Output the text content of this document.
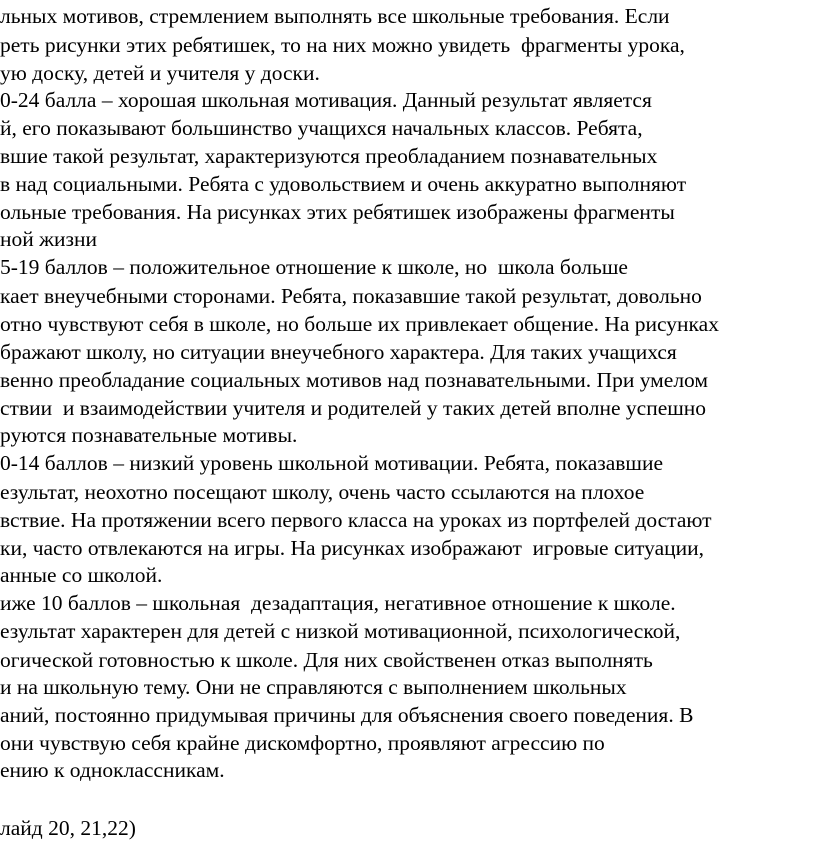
льных мотивов, стремлением выполнять все школьные требования. Если
реть рисунки этих ребятишек, то на них можно увидеть  фрагменты урока,
ую доску, детей и учителя у доски.
0-24 балла – хорошая школьная мотивация. Данный результат является
й, его показывают большинство учащихся начальных классов. Ребята,
вшие такой результат, характеризуются преобладанием познавательных
в над социальными. Ребята с удовольствием и очень аккуратно выполняют
ольные требования. На рисунках этих ребятишек изображены фрагменты
ной жизни
5-19 баллов – положительное отношение к школе, но  школа больше
кает внеучебными сторонами. Ребята, показавшие такой результат, довольно
отно чувствуют себя в школе, но больше их привлекает общение. На рисунках
бражают школу, но ситуации внеучебного характера. Для таких учащихся
венно преобладание социальных мотивов над познавательными. При умелом
ствии  и взаимодействии учителя и родителей у таких детей вполне успешно
руются познавательные мотивы.
0-14 баллов – низкий уровень школьной мотивации. Ребята, показавшие
езультат, неохотно посещают школу, очень часто ссылаются на плохое
вствие. На протяжении всего первого класса на уроках из портфелей достают
ки, часто отвлекаются на игры. На рисунках изображают  игровые ситуации,
анные со школой.
иже 10 баллов – школьная  дезадаптация, негативное отношение к школе.
езультат характерен для детей с низкой мотивационной, психологической,
огической готовностью к школе. Для них свойственен отказ выполнять
и на школьную тему. Они не справляются с выполнением школьных
аний, постоянно придумывая причины для объяснения своего поведения. В
они чувствую себя крайне дискомфортно, проявляют агрессию по
ению к одноклассникам.
лайд 20, 21,22)
